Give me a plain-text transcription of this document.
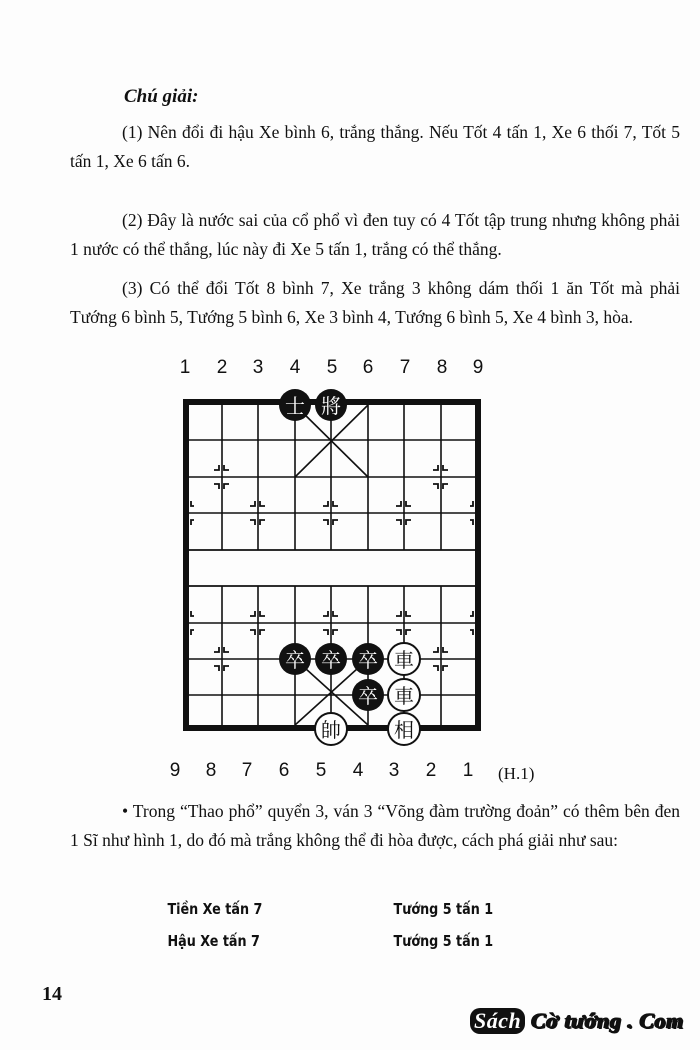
Chú giải:

(1) Nên đổi đi hậu Xe bình 6, trắng thắng. Nếu Tốt 4 tấn 1, Xe 6 thối 7, Tốt 5 tấn 1, Xe 6 tấn 6.

(2) Đây là nước sai của cổ phổ vì đen tuy có 4 Tốt tập trung nhưng không phải 1 nước có thể thắng, lúc này đi Xe 5 tấn 1, trắng có thể thắng.

(3) Có thể đổi Tốt 8 bình 7, Xe trắng 3 không dám thối 1 ăn Tốt mà phải Tướng 6 bình 5, Tướng 5 bình 6, Xe 3 bình 4, Tướng 6 bình 5, Xe 4 bình 3, hòa.

1 2 3 4 5 6 7 8 9
士 將
卒 卒 卒
卒
車
車
帥	相
9 8 7 6 5 4 3 2 1 (H.1)

• Trong “Thao phổ” quyển 3, ván 3 “Võng đàm trường đoản” có thêm bên đen 1 Sĩ như hình 1, do đó mà trắng không thể đi hòa được, cách phá giải như sau:

Tiền Xe tấn 7	Tướng 5 tấn 1
Hậu Xe tấn 7	Tướng 5 tấn 1
14
Sách Cờ tướng . Com
